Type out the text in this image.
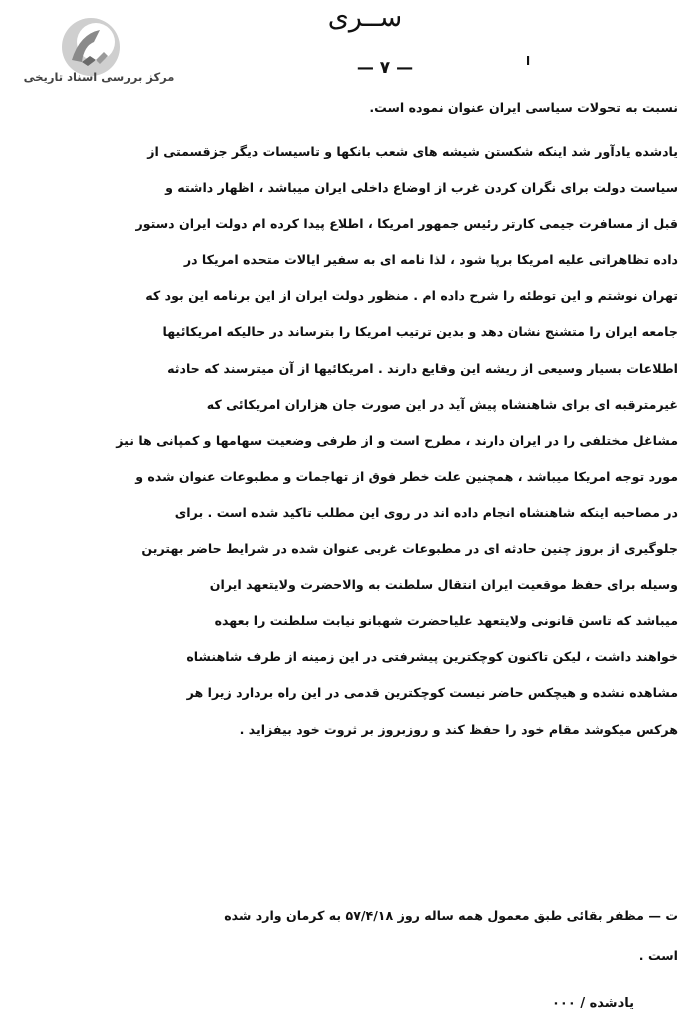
مرکز بررسی اسناد تاریخی
ســری
— ۷ —	ا
نسبت به تحولات سیاسی ایران عنوان نموده است.
یادشده یادآور شد اینکه شکستن شیشه های شعب بانکها و تاسیسات دیگر جزقسمتی از
سیاست دولت برای نگران کردن غرب از اوضاع داخلی ایران میباشد ، اظهار داشته و
قبل از مسافرت جیمی کارتر رئیس جمهور امریکا ، اطلاع پیدا کرده ام دولت ایران دستور
داده تظاهراتی علیه امریکا برپا شود ، لذا نامه ای به سفیر ایالات متحده امریکا در
تهران نوشتم و این توطئه را شرح داده ام . منظور دولت ایران از این برنامه این بود که
جامعه ایران را متشنج نشان دهد و بدین ترتیب امریکا را بترساند در حالیکه امریکائیها
اطلاعات بسیار وسیعی از ریشه این وقایع دارند . امریکائیها از آن میترسند که حادثه
غیرمترقبه ای برای شاهنشاه پیش آید در این صورت جان هزاران امریکائی که
مشاغل مختلفی را در ایران دارند ، مطرح است و از طرفی وضعیت سهامها و کمپانی ها نیز
مورد توجه امریکا میباشد ، همچنین علت خطر فوق از تهاجمات و مطبوعات عنوان شده و
در مصاحبه اینکه شاهنشاه انجام داده اند در روی این مطلب تاکید شده است . برای
جلوگیری از بروز چنین حادثه ای در مطبوعات غربی عنوان شده در شرایط حاضر بهترین
وسیله برای حفظ موقعیت ایران انتقال سلطنت به والاحضرت ولایتعهد ایران
میباشد که تاسن قانونی ولایتعهد علیاحضرت شهبانو نیابت سلطنت را بعهده
خواهند داشت ، لیکن تاکنون کوچکترین پیشرفتی در این زمینه از طرف شاهنشاه
مشاهده نشده و هیچکس حاضر نیست کوچکترین قدمی در این راه بردارد زیرا هر
هرکس میکوشد مقام خود را حفظ کند و روزبروز بر ثروت خود بیفزاید .
ت — مظفر بقائی طبق معمول همه ساله روز ۵۷/۴/۱۸ به کرمان وارد شده
است .
یادشده / ۰۰۰
